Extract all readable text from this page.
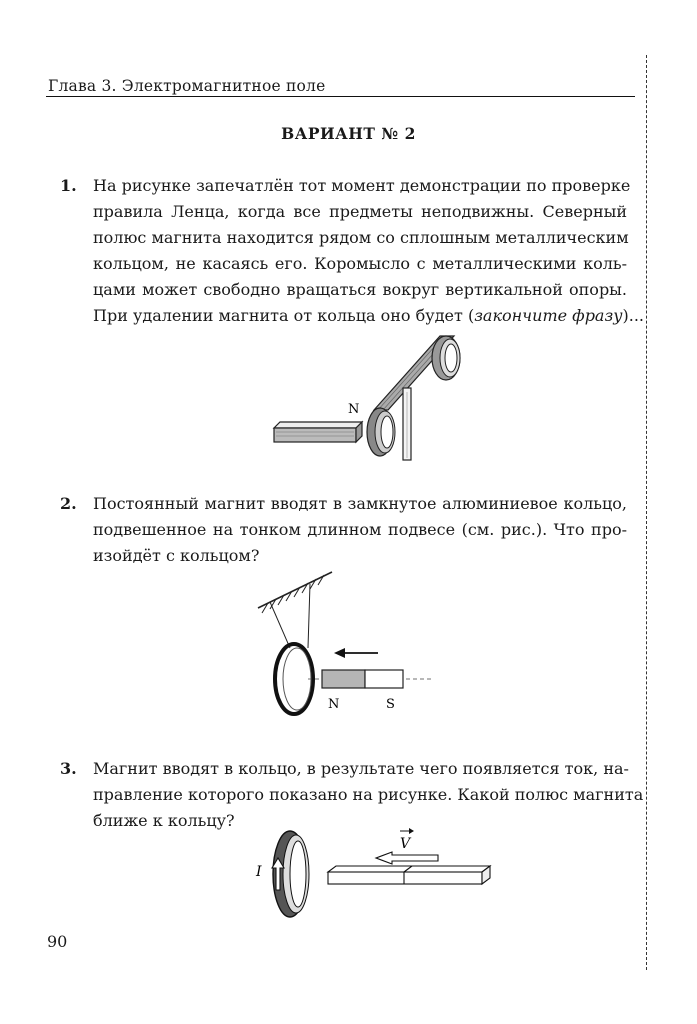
Глава 3. Электромагнитное поле
ВАРИАНТ № 2
1. На рисунке запечатлён тот момент демонстрации по проверке
правила Ленца, когда все предметы неподвижны. Северный
полюс магнита находится рядом со сплошным металлическим
кольцом, не касаясь его. Коромысло с металлическими коль-
цами может свободно вращаться вокруг вертикальной опоры.
При удалении магнита от кольца оно будет (закончите фразу)...
N
2. Постоянный магнит вводят в замкнутое алюминиевое кольцо,
подвешенное на тонком длинном подвесе (см. рис.). Что про-
изойдёт с кольцом?
N	S
3. Магнит вводят в кольцо, в результате чего появляется ток, на-
правление которого показано на рисунке. Какой полюс магнита
ближе к кольцу?
I
V
90
